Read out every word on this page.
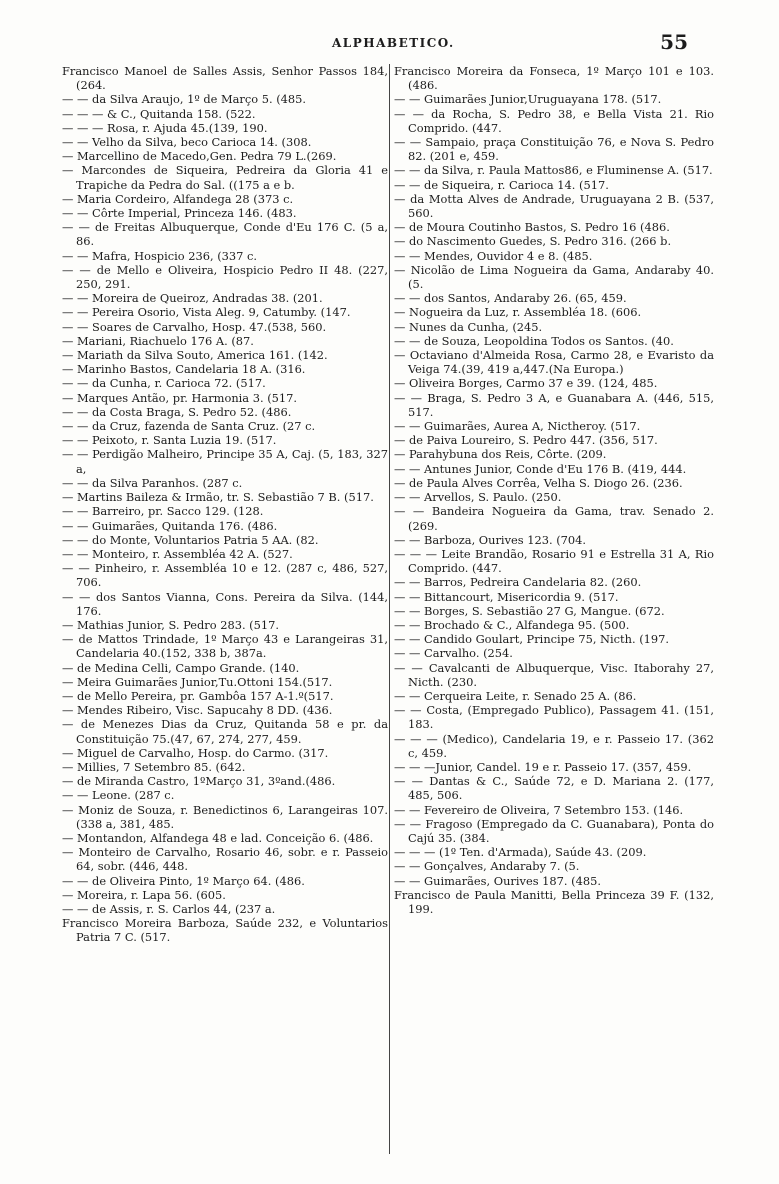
ALPHABETICO.	55

Francisco Manoel de Salles Assis, Senhor Passos 184, (264.

— — da Silva Araujo, 1º de Março 5. (485.

— — — & C., Quitanda 158. (522.

— — — Rosa, r. Ajuda 45.(139, 190.

— — Velho da Silva, beco Carioca 14. (308.

— Marcellino de Macedo,Gen. Pedra 79 L.(269.

— Marcondes de Siqueira, Pedreira da Gloria 41 e Trapiche da Pedra do Sal. ((175 a e b.

— Maria Cordeiro, Alfandega 28 (373 c.

— — Côrte Imperial, Princeza 146. (483.

— — de Freitas Albuquerque, Conde d'Eu 176 C. (5 a, 86.

— — Mafra, Hospicio 236, (337 c.

— — de Mello e Oliveira, Hospicio Pedro II 48. (227, 250, 291.

— — Moreira de Queiroz, Andradas 38. (201.

— — Pereira Osorio, Vista Aleg. 9, Catumby. (147.

— — Soares de Carvalho, Hosp. 47.(538, 560.

— Mariani, Riachuelo 176 A. (87.

— Mariath da Silva Souto, America 161. (142.

— Marinho Bastos, Candelaria 18 A. (316.

— — da Cunha, r. Carioca 72. (517.

— Marques Antão, pr. Harmonia 3. (517.

— — da Costa Braga, S. Pedro 52. (486.

— — da Cruz, fazenda de Santa Cruz. (27 c.

— — Peixoto, r. Santa Luzia 19. (517.

— — Perdigão Malheiro, Principe 35 A, Caj. (5, 183, 327 a,

— — da Silva Paranhos. (287 c.

— Martins Baileza & Irmão, tr. S. Sebastião 7 B. (517.

— — Barreiro, pr. Sacco 129. (128.

— — Guimarães, Quitanda 176. (486.

— — do Monte, Voluntarios Patria 5 AA. (82.

— — Monteiro, r. Assembléa 42 A. (527.

— — Pinheiro, r. Assembléa 10 e 12. (287 c, 486, 527, 706.

— — dos Santos Vianna, Cons. Pereira da Silva. (144, 176.

— Mathias Junior, S. Pedro 283. (517.

— de Mattos Trindade, 1º Março 43 e Larangeiras 31, Candelaria 40.(152, 338 b, 387a.

— de Medina Celli, Campo Grande. (140.

— Meira Guimarães Junior,Tu.Ottoni 154.(517.

— de Mello Pereira, pr. Gambôa 157 A-1.º(517.

— Mendes Ribeiro, Visc. Sapucahy 8 DD. (436.

— de Menezes Dias da Cruz, Quitanda 58 e pr. da Constituição 75.(47, 67, 274, 277, 459.

— Miguel de Carvalho, Hosp. do Carmo. (317.

— Millies, 7 Setembro 85. (642.

— de Miranda Castro, 1ºMarço 31, 3ºand.(486.

— — Leone. (287 c.

— Moniz de Souza, r. Benedictinos 6, Larangeiras 107. (338 a, 381, 485.

— Montandon, Alfandega 48 e lad. Conceição 6. (486.

— Monteiro de Carvalho, Rosario 46, sobr. e r. Passeio 64, sobr. (446, 448.

— — de Oliveira Pinto, 1º Março 64. (486.

— Moreira, r. Lapa 56. (605.

— — de Assis, r. S. Carlos 44, (237 a.

Francisco Moreira Barboza, Saúde 232, e Voluntarios Patria 7 C. (517.

Francisco Moreira da Fonseca, 1º Março 101 e 103. (486.

— — Guimarães Junior,Uruguayana 178. (517.

— — da Rocha, S. Pedro 38, e Bella Vista 21. Rio Comprido. (447.

— — Sampaio, praça Constituição 76, e Nova S. Pedro 82. (201 e, 459.

— — da Silva, r. Paula Mattos86, e Fluminense A. (517.

— — de Siqueira, r. Carioca 14. (517.

— da Motta Alves de Andrade, Uruguayana 2 B. (537, 560.

— de Moura Coutinho Bastos, S. Pedro 16 (486.

— do Nascimento Guedes, S. Pedro 316. (266 b.

— — Mendes, Ouvidor 4 e 8. (485.

— Nicolão de Lima Nogueira da Gama, Andaraby 40. (5.

— — dos Santos, Andaraby 26. (65, 459.

— Nogueira da Luz, r. Assembléa 18. (606.

— Nunes da Cunha, (245.

— — de Souza, Leopoldina Todos os Santos. (40.

— Octaviano d'Almeida Rosa, Carmo 28, e Evaristo da Veiga 74.(39, 419 a,447.(Na Europa.)

— Oliveira Borges, Carmo 37 e 39. (124, 485.

— — Braga, S. Pedro 3 A, e Guanabara A. (446, 515, 517.

— — Guimarães, Aurea A, Nictheroy. (517.

— de Paiva Loureiro, S. Pedro 447. (356, 517.

— Parahybuna dos Reis, Côrte. (209.

— — Antunes Junior, Conde d'Eu 176 B. (419, 444.

— de Paula Alves Corrêa, Velha S. Diogo 26. (236.

— — Arvellos, S. Paulo. (250.

— — Bandeira Nogueira da Gama, trav. Senado 2. (269.

— — Barboza, Ourives 123. (704.

— — — Leite Brandão, Rosario 91 e Estrella 31 A, Rio Comprido. (447.

— — Barros, Pedreira Candelaria 82. (260.

— — Bittancourt, Misericordia 9. (517.

— — Borges, S. Sebastião 27 G, Mangue. (672.

— — Brochado & C., Alfandega 95. (500.

— — Candido Goulart, Principe 75, Nicth. (197.

— — Carvalho. (254.

— — Cavalcanti de Albuquerque, Visc. Itaborahy 27, Nicth. (230.

— — Cerqueira Leite, r. Senado 25 A. (86.

— — Costa, (Empregado Publico), Passagem 41. (151, 183.

— — — (Medico), Candelaria 19, e r. Passeio 17. (362 c, 459.

— — —Junior, Candel. 19 e r. Passeio 17. (357, 459.

— — Dantas & C., Saúde 72, e D. Mariana 2. (177, 485, 506.

— — Fevereiro de Oliveira, 7 Setembro 153. (146.

— — Fragoso (Empregado da C. Guanabara), Ponta do Cajú 35. (384.

— — — (1º Ten. d'Armada), Saúde 43. (209.

— — Gonçalves, Andaraby 7. (5.

— — Guimarães, Ourives 187. (485.

Francisco de Paula Manitti, Bella Princeza 39 F. (132, 199.
